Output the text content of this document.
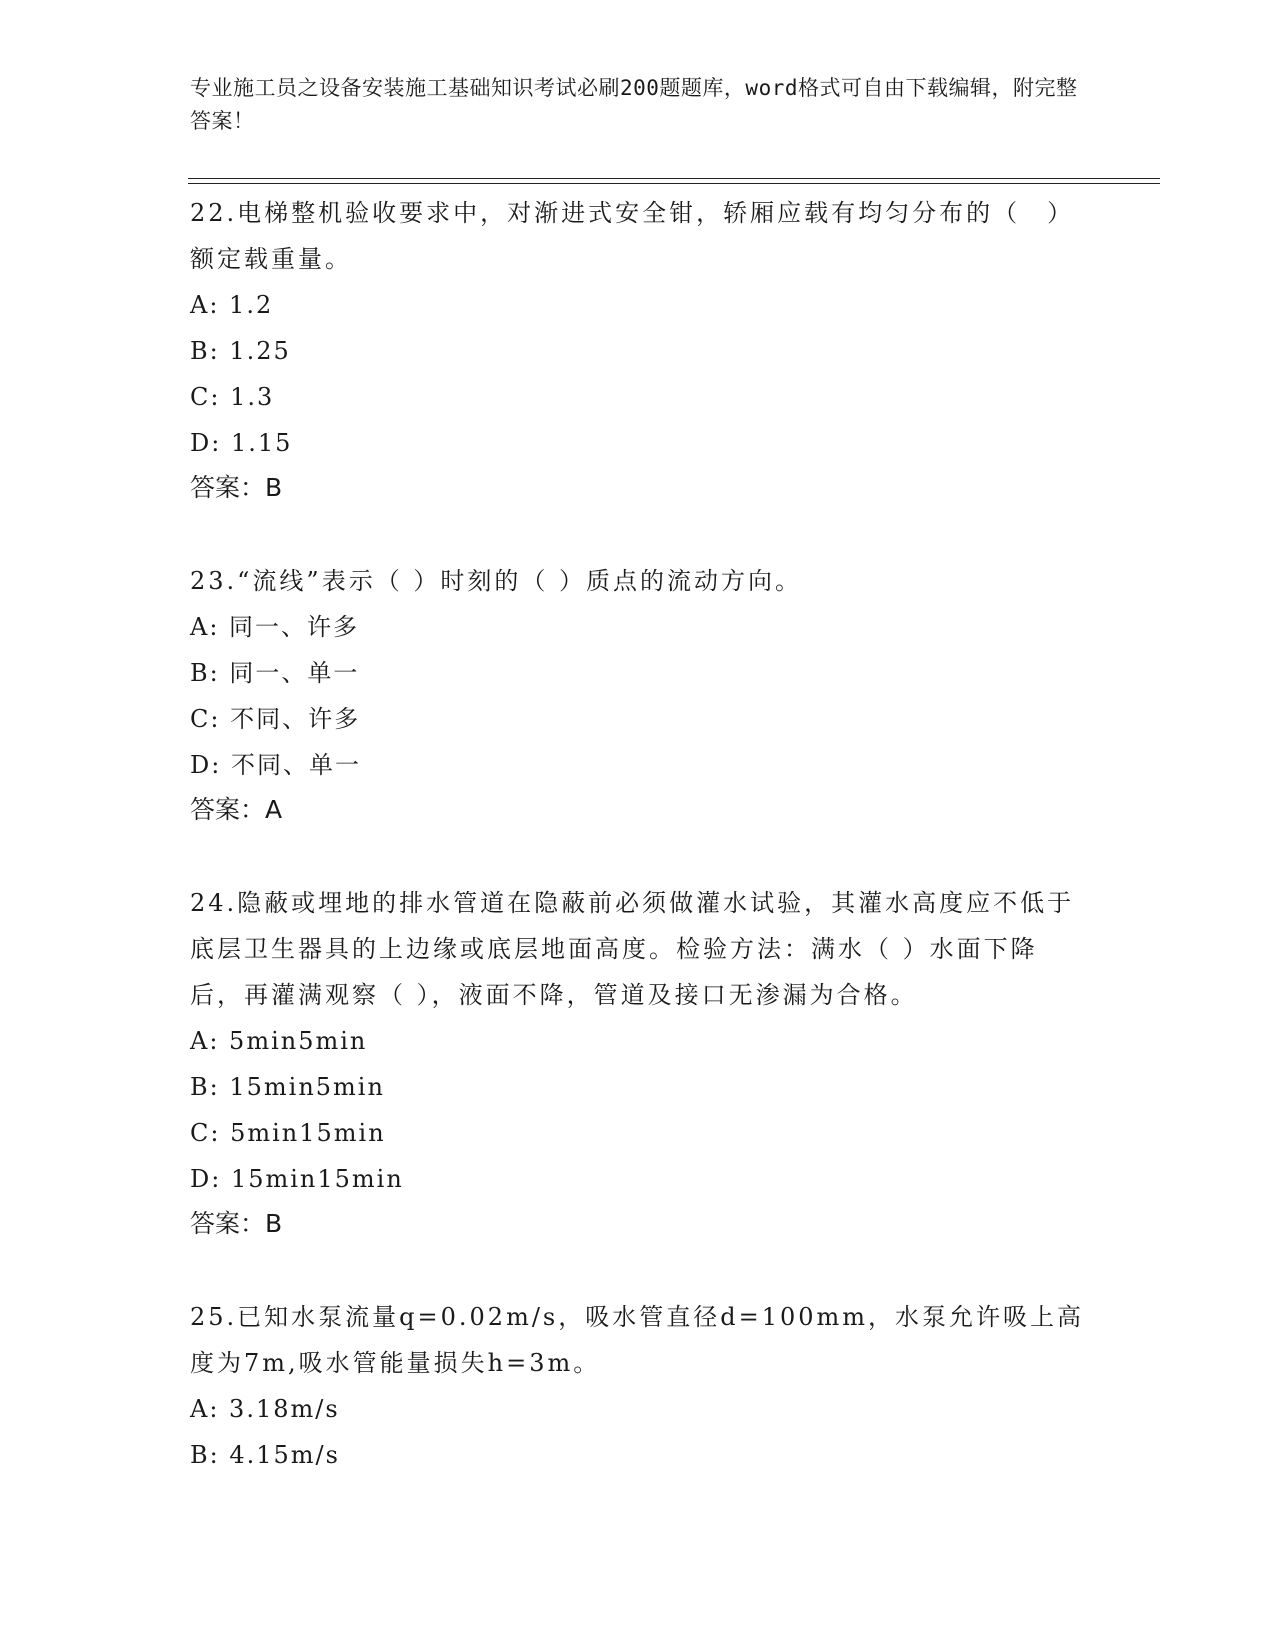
专业施工员之设备安装施工基础知识考试必刷200题题库，word格式可自由下载编辑，附完整答案！

22.电梯整机验收要求中，对渐进式安全钳，轿厢应载有均匀分布的（　）额定载重量。

A: 1.2

B: 1.25

C: 1.3

D: 1.15

答案：B

23.“流线”表示（ ）时刻的（ ）质点的流动方向。

A: 同一、许多

B: 同一、单一

C: 不同、许多

D: 不同、单一

答案：A

24.隐蔽或埋地的排水管道在隐蔽前必须做灌水试验，其灌水高度应不低于底层卫生器具的上边缘或底层地面高度。检验方法：满水（ ）水面下降后，再灌满观察（ ），液面不降，管道及接口无渗漏为合格。

A: 5min5min

B: 15min5min

C: 5min15min

D: 15min15min

答案：B

25.已知水泵流量q=0.02m/s，吸水管直径d=100mm，水泵允许吸上高度为7m,吸水管能量损失h=3m。

A: 3.18m/s

B: 4.15m/s
